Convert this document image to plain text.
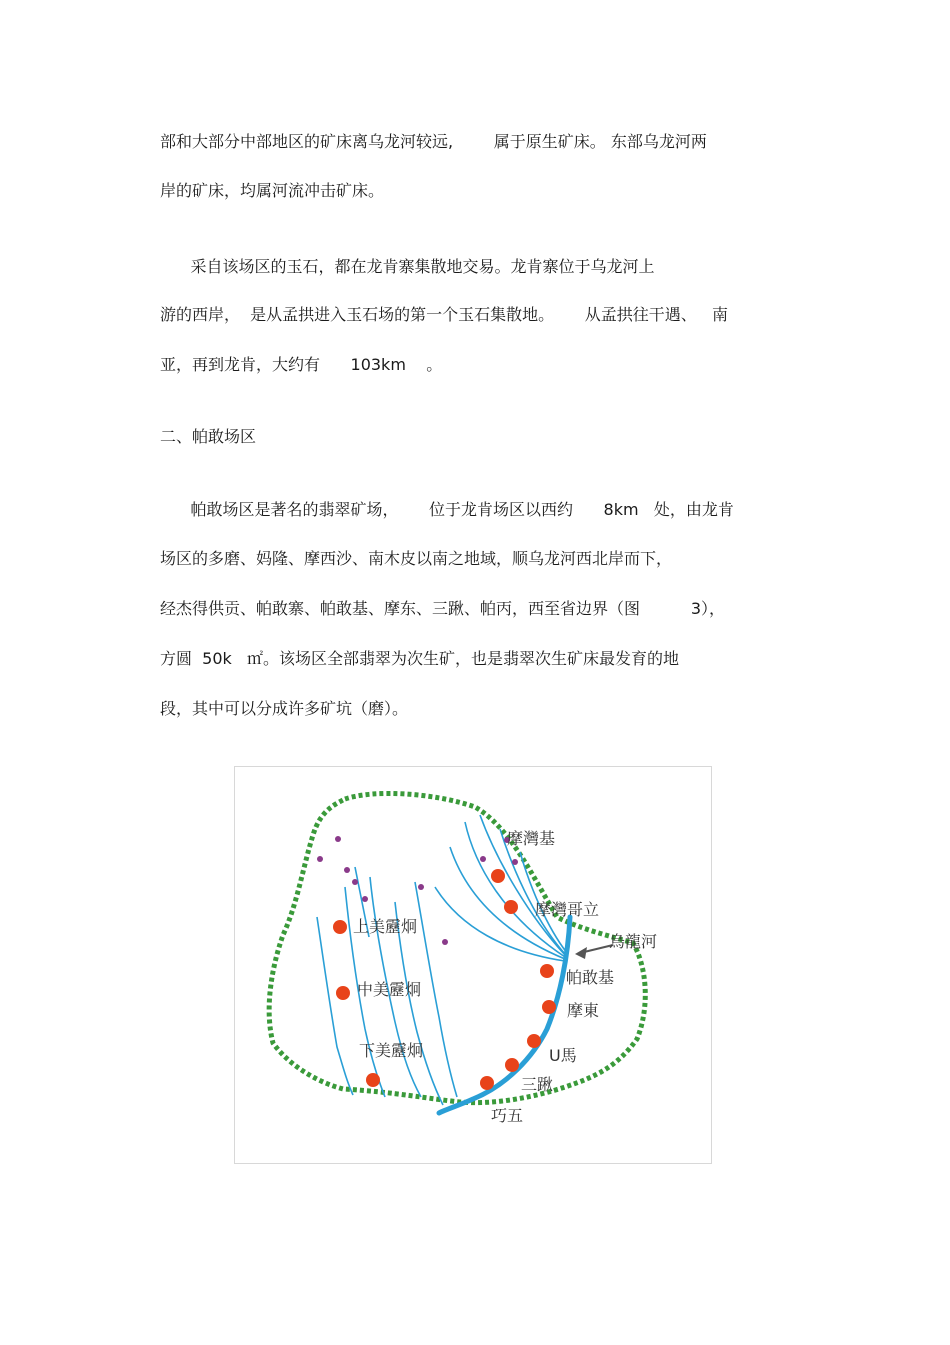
部和大部分中部地区的矿床离乌龙河较远,        属于原生矿床。 东部乌龙河两
岸的矿床，均属河流冲击矿床。
采自该场区的玉石，都在龙肯寨集散地交易。龙肯寨位于乌龙河上
游的西岸，  是从孟拱进入玉石场的第一个玉石集散地。      从孟拱往干遇、   南
亚，再到龙肯，大约有      103km    。
二、帕敢场区
帕敢场区是著名的翡翠矿场，      位于龙肯场区以西约      8km   处，由龙肯
场区的多磨、妈隆、摩西沙、南木皮以南之地域，顺乌龙河西北岸而下，
经杰得供贡、帕敢寨、帕敢基、摩东、三踿、帕丙，西至省边界（图          3），
方圆  50k   ㎡。该场区全部翡翠为次生矿，也是翡翠次生矿床最发育的地
段，其中可以分成许多矿坑（磨）。
摩灣基
摩灣哥立
烏龍河
帕敢基
摩東
U馬
三踿
巧五
上美靂炯
中美靂炯
下美靂炯
